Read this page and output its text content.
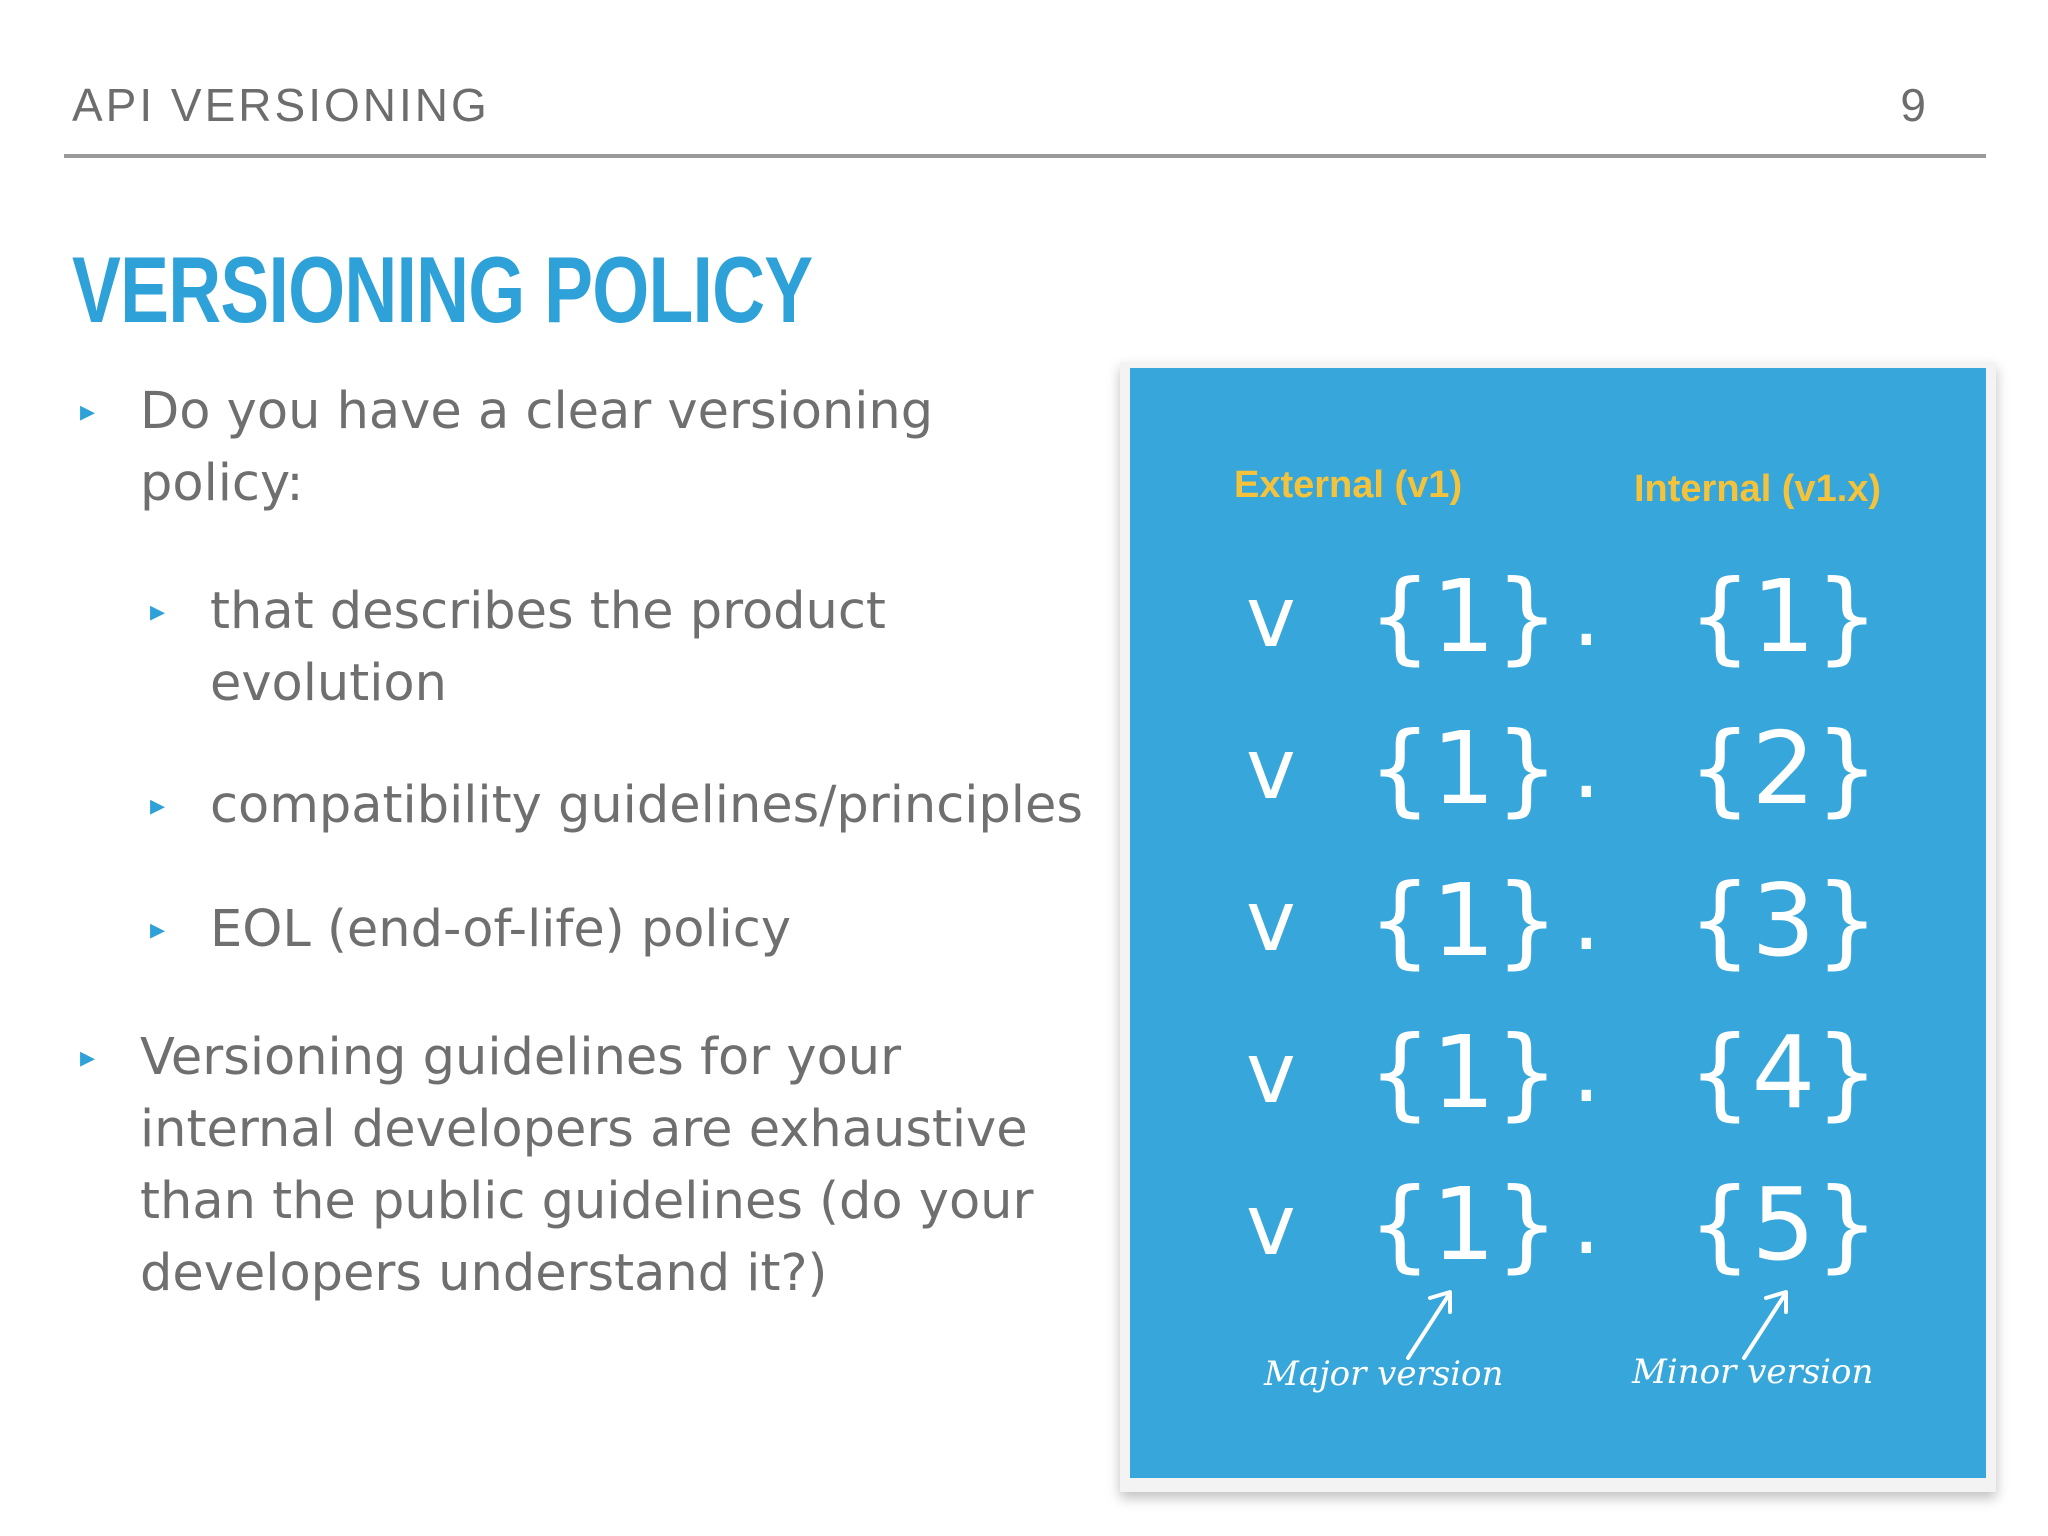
API VERSIONING	9
VERSIONING POLICY
▸ Do you have a clear versioning policy:
▸ that describes the product evolution
▸ compatibility guidelines/principles
▸ EOL (end-of-life) policy
▸ Versioning guidelines for your internal developers are exhaustive than the public guidelines (do your developers understand it?)
External (v1)	Internal (v1.x)
v {1} . {1}
v {1} . {2}
v {1} . {3}
v {1} . {4}
v {1} . {5}
Major version	Minor version
